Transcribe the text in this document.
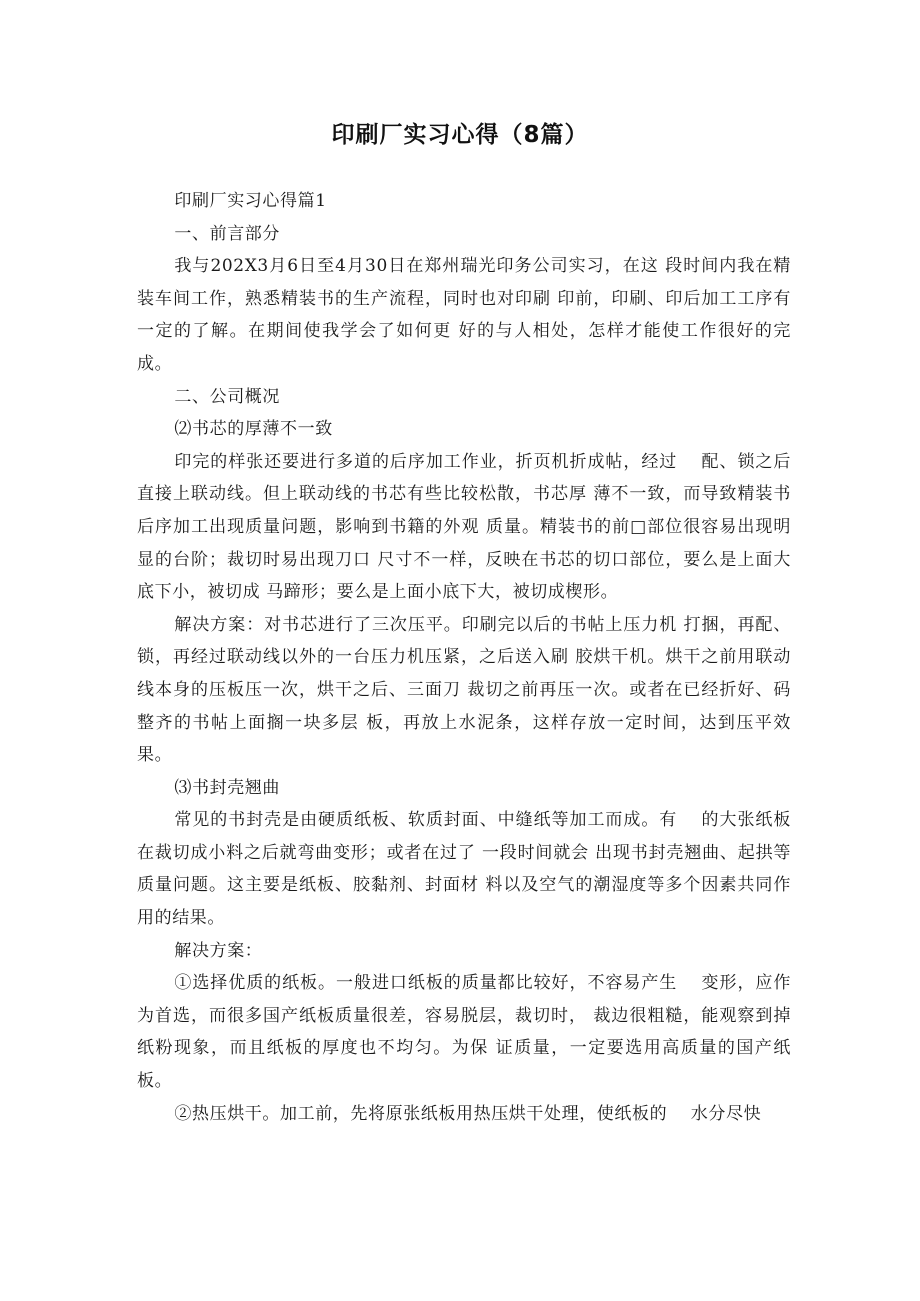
印刷厂实习心得（8篇）

印刷厂实习心得篇1

一、前言部分

我与202X3月6日至4月30日在郑州瑞光印务公司实习，在这 段时间内我在精装车间工作，熟悉精装书的生产流程，同时也对印刷 印前，印刷、印后加工工序有一定的了解。在期间使我学会了如何更 好的与人相处，怎样才能使工作很好的完成。

二、公司概况

⑵书芯的厚薄不一致

印完的样张还要进行多道的后序加工作业，折页机折成帖，经过　 配、锁之后直接上联动线。但上联动线的书芯有些比较松散，书芯厚 薄不一致，而导致精装书后序加工出现质量问题，影响到书籍的外观 质量。精装书的前□部位很容易出现明显的台阶；裁切时易出现刀口 尺寸不一样，反映在书芯的切口部位，要么是上面大底下小，被切成 马蹄形；要么是上面小底下大，被切成楔形。

解决方案：对书芯进行了三次压平。印刷完以后的书帖上压力机 打捆，再配、锁，再经过联动线以外的一台压力机压紧，之后送入刷 胶烘干机。烘干之前用联动线本身的压板压一次，烘干之后、三面刀 裁切之前再压一次。或者在已经折好、码整齐的书帖上面搁一块多层 板，再放上水泥条，这样存放一定时间，达到压平效果。

⑶书封壳翘曲

常见的书封壳是由硬质纸板、软质封面、中缝纸等加工而成。有　 的大张纸板在裁切成小料之后就弯曲变形；或者在过了 一段时间就会 出现书封壳翘曲、起拱等质量问题。这主要是纸板、胶黏剂、封面材 料以及空气的潮湿度等多个因素共同作用的结果。

解决方案：

①选择优质的纸板。一般进口纸板的质量都比较好，不容易产生　 变形，应作为首选，而很多国产纸板质量很差，容易脱层，裁切时， 裁边很粗糙，能观察到掉纸粉现象，而且纸板的厚度也不均匀。为保 证质量，一定要选用高质量的国产纸板。

②热压烘干。加工前，先将原张纸板用热压烘干处理，使纸板的　 水分尽快
